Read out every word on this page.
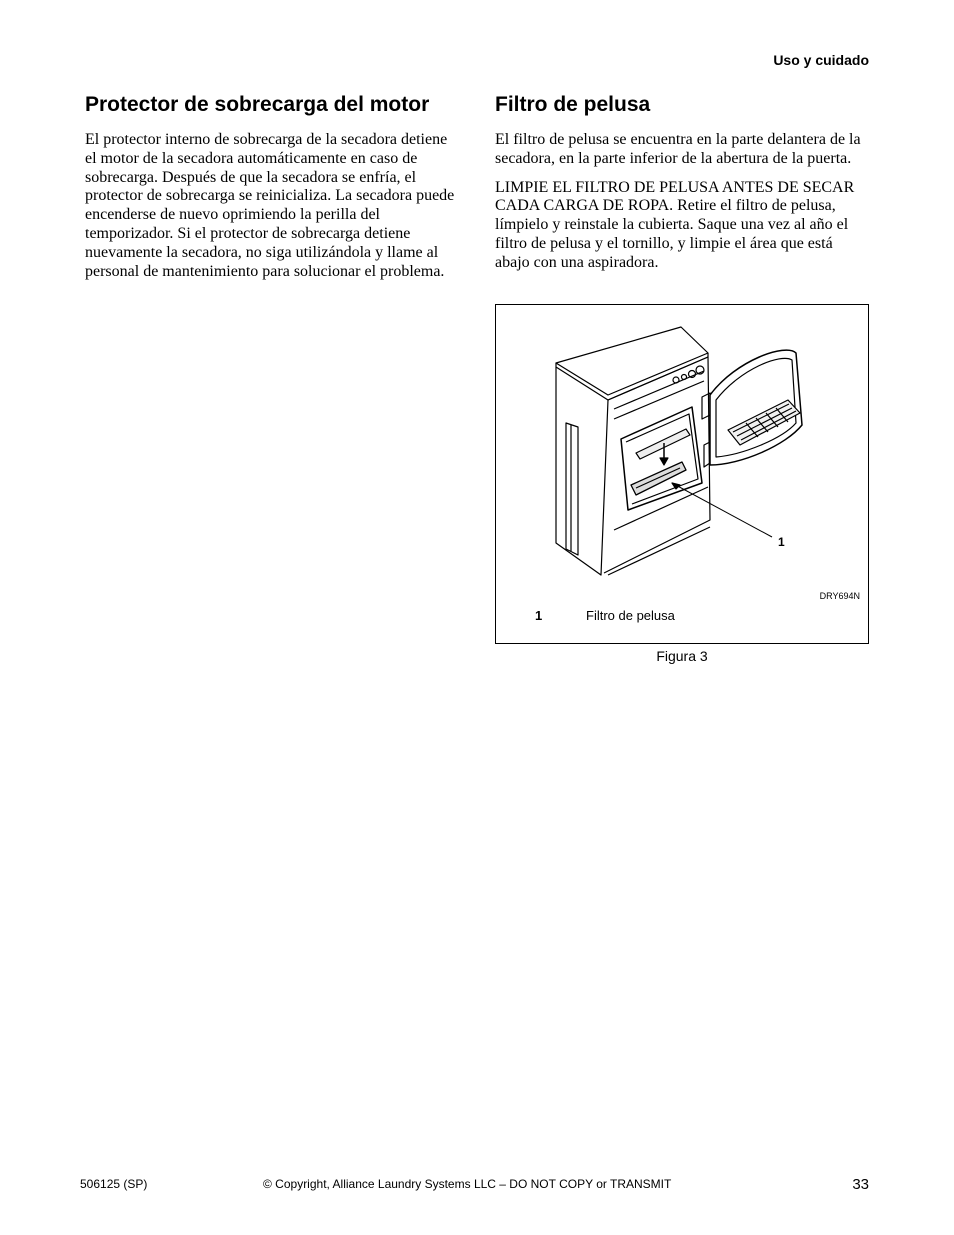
Uso y cuidado
Protector de sobrecarga del motor

El protector interno de sobrecarga de la secadora detiene el motor de la secadora automáticamente en caso de sobrecarga. Después de que la secadora se enfría, el protector de sobrecarga se reinicializa. La secadora puede encenderse de nuevo oprimiendo la perilla del temporizador. Si el protector de sobrecarga detiene nuevamente la secadora, no siga utilizándola y llame al personal de mantenimiento para solucionar el problema.

Filtro de pelusa

El filtro de pelusa se encuentra en la parte delantera de la secadora, en la parte inferior de la abertura de la puerta.

LIMPIE EL FILTRO DE PELUSA ANTES DE SECAR CADA CARGA DE ROPA. Retire el filtro de pelusa, límpielo y reinstale la cubierta. Saque una vez al año el filtro de pelusa y el tornillo, y limpie el área que está abajo con una aspiradora.

1
DRY694N
1	Filtro de pelusa
Figura 3
506125 (SP)	© Copyright, Alliance Laundry Systems LLC – DO NOT COPY or TRANSMIT	33
